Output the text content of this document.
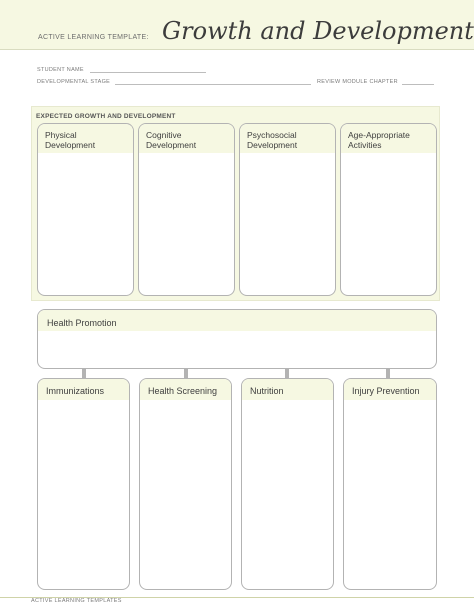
ACTIVE LEARNING TEMPLATE: Growth and Development
STUDENT NAME
DEVELOPMENTAL STAGE	REVIEW MODULE CHAPTER
EXPECTED GROWTH AND DEVELOPMENT
Physical
Development
Cognitive
Development
Psychosocial
Development
Age-Appropriate
Activities
Health Promotion
Immunizations	Health Screening	Nutrition	Injury Prevention
ACTIVE LEARNING TEMPLATES
